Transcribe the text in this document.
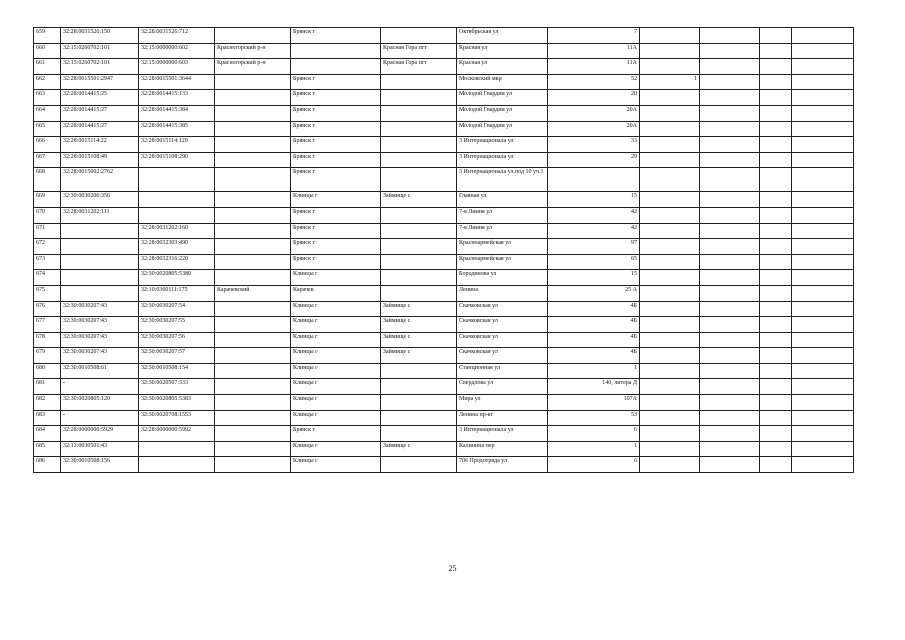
659	32:28:0031526:150	32:28:0031526:712		Брянск г		Октябрьская ул	7				
660	32:15:0260702:101	32:15:0000000:602	Красногорский р-н		Красная Гора пгт	Красная ул	11А				
661	32:15:0260702:101	32:15:0000000:603	Красногорский р-н		Красная Гора пгт	Красная ул	11А				
662	32:28:0015501:2947	32:28:0015501:3644		Брянск г		Московский мкр	52	1			
663	32:28:0014415:25	32:28:0014415:133		Брянск г		Молодой Гвардии ул	20				
664	32:28:0014415:27	32:28:0014415:384		Брянск г		Молодой Гвардии ул	20А				
665	32:28:0014415:27	32:28:0014415:385		Брянск г		Молодой Гвардии ул	20А				
666	32:28:0015114:22	32:28:0015114:129		Брянск г		3 Интернационала ул	33				
667	32:28:0015108:49	32:28:0015108:290		Брянск г		3 Интернационала ул	29				
668	32:28:0015002:2762			Брянск г		3 Интернационала ул.под 10 уч.1					
669	32:30:0030206:356			Клинцы г	Займище с	Главная ул	15				
670	32:28:0031202:111			Брянск г		7-я Линия ул	42				
671		32:28:0031202:160		Брянск г		7-я Линия ул	42				
672		32:28:0032303:490		Брянск г		Красноармейская ул	97				
673		32:28:0032316:220		Брянск г		Красноармейская ул	65				
674		32:30:0020805:5380		Клинцы г		Бородинова ул	15				
675		32:10:0360111:175	Карачевский	Карачев		Ленина	25 А				
676	32:30:0030207:43	32:30:0030207:54		Клинцы г	Займище с	Скачковская ул	4Б				
677	32:30:0030207:43	32:30:0030207:55		Клинцы г	Займище с	Скачковская ул	4Б				
678	32:30:0030207:43	32:30:0030207:56		Клинцы г	Займище с	Скачковская ул	4Б				
679	32:30:0030207:43	32:30:0030207:57		Клинцы г	Займище с	Скачковская ул	4Б				
680	32:30:0010508:61	32:30:0010508:154		Клинцы г		Станционная ул	1				
681	-	32:30:0020507:333		Клинцы г		Свердлова ул	140, литера Д				
682	32:30:0020805:120	32:30:0020805:5383		Клинцы г		Мира ул	107А				
683	-	32:30:0020708:1553		Клинцы г		Ленина пр-кт	53				
684	32:28:0000000:5929	32:28:0000000:5992		Брянск г		3 Интернационала ул	6				
685	32:13:0030501:43			Клинцы г	Займище с	Калинина пер	1				
686	32:30:0010508:156			Клинцы г		706 Продотряда ул	6				
25
